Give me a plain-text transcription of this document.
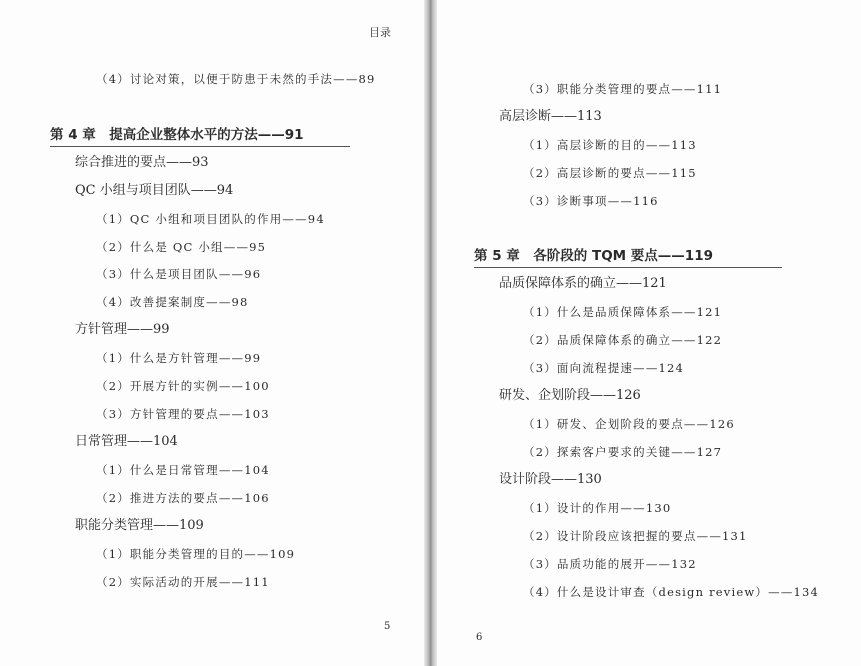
目录
（4）讨论对策，以便于防患于未然的手法——89
第 4 章　提高企业整体水平的方法——91
综合推进的要点——93
QC 小组与项目团队——94
（1）QC 小组和项目团队的作用——94
（2）什么是 QC 小组——95
（3）什么是项目团队——96
（4）改善提案制度——98
方针管理——99
（1）什么是方针管理——99
（2）开展方针的实例——100
（3）方针管理的要点——103
日常管理——104
（1）什么是日常管理——104
（2）推进方法的要点——106
职能分类管理——109
（1）职能分类管理的目的——109
（2）实际活动的开展——111
5
（3）职能分类管理的要点——111
高层诊断——113
（1）高层诊断的目的——113
（2）高层诊断的要点——115
（3）诊断事项——116
第 5 章　各阶段的 TQM 要点——119
品质保障体系的确立——121
（1）什么是品质保障体系——121
（2）品质保障体系的确立——122
（3）面向流程提速——124
研发、企划阶段——126
（1）研发、企划阶段的要点——126
（2）探索客户要求的关键——127
设计阶段——130
（1）设计的作用——130
（2）设计阶段应该把握的要点——131
（3）品质功能的展开——132
（4）什么是设计审查（design review）——134
6
